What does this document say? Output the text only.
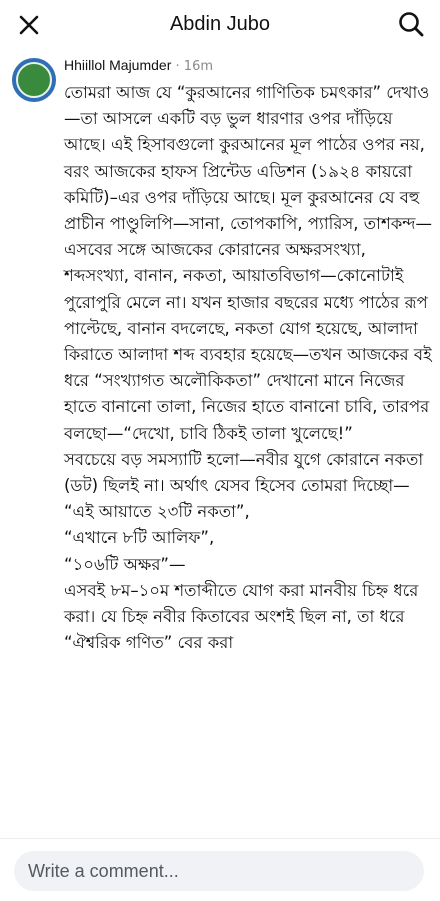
Abdin Jubo
Hhiillol Majumder · 16m
তোমরা আজ যে “কুরআনের গাণিতিক চমৎকার” দেখাও—তা আসলে একটি বড় ভুল ধারণার ওপর দাঁড়িয়ে আছে। এই হিসাবগুলো কুরআনের মূল পাঠের ওপর নয়, বরং আজকের হাফস প্রিন্টেড এডিশন (১৯২৪ কায়রো কমিটি)–এর ওপর দাঁড়িয়ে আছে। মূল কুরআনের যে বহু প্রাচীন পাণ্ডুলিপি—সানা, তোপকাপি, প্যারিস, তাশকন্দ—এসবের সঙ্গে আজকের কোরানের অক্ষরসংখ্যা, শব্দসংখ্যা, বানান, নকতা, আয়াতবিভাগ—কোনোটাই পুরোপুরি মেলে না। যখন হাজার বছরের মধ্যে পাঠের রূপ পাল্টেছে, বানান বদলেছে, নকতা যোগ হয়েছে, আলাদা কিরাতে আলাদা শব্দ ব্যবহার হয়েছে—তখন আজকের বই ধরে “সংখ্যাগত অলৌকিকতা” দেখানো মানে নিজের হাতে বানানো তালা, নিজের হাতে বানানো চাবি, তারপর বলছো—“দেখো, চাবি ঠিকই তালা খুলেছে!”
সবচেয়ে বড় সমস্যাটি হলো—নবীর যুগে কোরানে নকতা (ডট) ছিলই না। অর্থাৎ যেসব হিসেব তোমরা দিচ্ছো—
“এই আয়াতে ২৩টি নকতা”,
“এখানে ৮টি আলিফ”,
“১০৬টি অক্ষর”—
এসবই ৮ম–১০ম শতাব্দীতে যোগ করা মানবীয় চিহ্ন ধরে করা। যে চিহ্ন নবীর কিতাবের অংশই ছিল না, তা ধরে “ঐশ্বরিক গণিত” বের করা
Write a comment...
